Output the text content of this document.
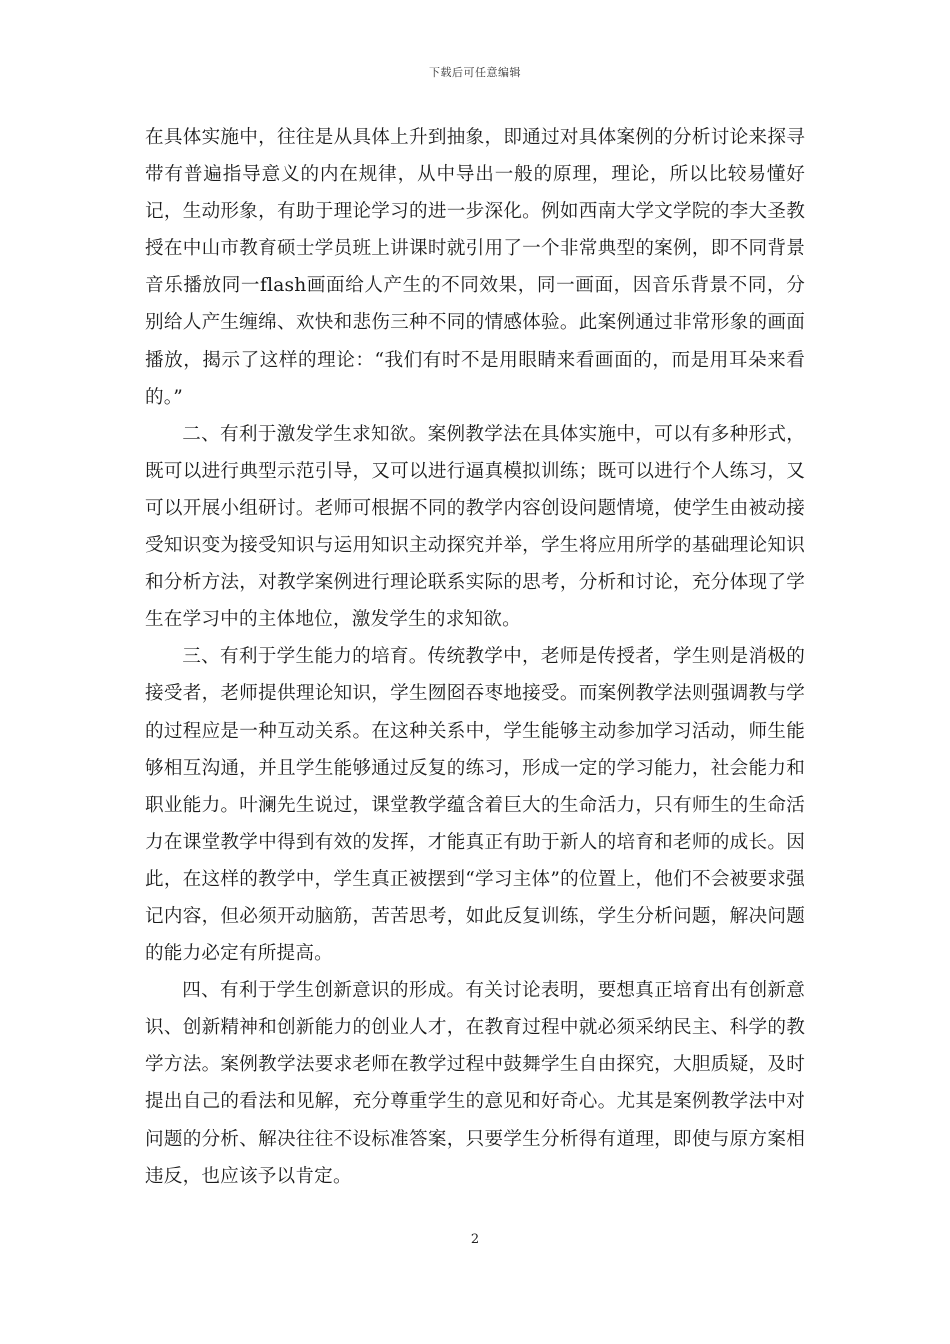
下载后可任意编辑

在具体实施中，往往是从具体上升到抽象，即通过对具体案例的分析讨论来探寻带有普遍指导意义的内在规律，从中导出一般的原理，理论，所以比较易懂好记，生动形象，有助于理论学习的进一步深化。例如西南大学文学院的李大圣教授在中山市教育硕士学员班上讲课时就引用了一个非常典型的案例，即不同背景音乐播放同一flash画面给人产生的不同效果，同一画面，因音乐背景不同，分别给人产生缠绵、欢快和悲伤三种不同的情感体验。此案例通过非常形象的画面播放，揭示了这样的理论：“我们有时不是用眼睛来看画面的，而是用耳朵来看的。”

二、有利于激发学生求知欲。案例教学法在具体实施中，可以有多种形式，既可以进行典型示范引导，又可以进行逼真模拟训练；既可以进行个人练习，又可以开展小组研讨。老师可根据不同的教学内容创设问题情境，使学生由被动接受知识变为接受知识与运用知识主动探究并举，学生将应用所学的基础理论知识和分析方法，对教学案例进行理论联系实际的思考，分析和讨论，充分体现了学生在学习中的主体地位，激发学生的求知欲。

三、有利于学生能力的培育。传统教学中，老师是传授者，学生则是消极的接受者，老师提供理论知识，学生囫囵吞枣地接受。而案例教学法则强调教与学的过程应是一种互动关系。在这种关系中，学生能够主动参加学习活动，师生能够相互沟通，并且学生能够通过反复的练习，形成一定的学习能力，社会能力和职业能力。叶澜先生说过，课堂教学蕴含着巨大的生命活力，只有师生的生命活力在课堂教学中得到有效的发挥，才能真正有助于新人的培育和老师的成长。因此，在这样的教学中，学生真正被摆到“学习主体”的位置上，他们不会被要求强记内容，但必须开动脑筋，苦苦思考，如此反复训练，学生分析问题，解决问题的能力必定有所提高。

四、有利于学生创新意识的形成。有关讨论表明，要想真正培育出有创新意识、创新精神和创新能力的创业人才，在教育过程中就必须采纳民主、科学的教学方法。案例教学法要求老师在教学过程中鼓舞学生自由探究，大胆质疑，及时提出自己的看法和见解，充分尊重学生的意见和好奇心。尤其是案例教学法中对问题的分析、解决往往不设标准答案，只要学生分析得有道理，即使与原方案相违反，也应该予以肯定。

2
